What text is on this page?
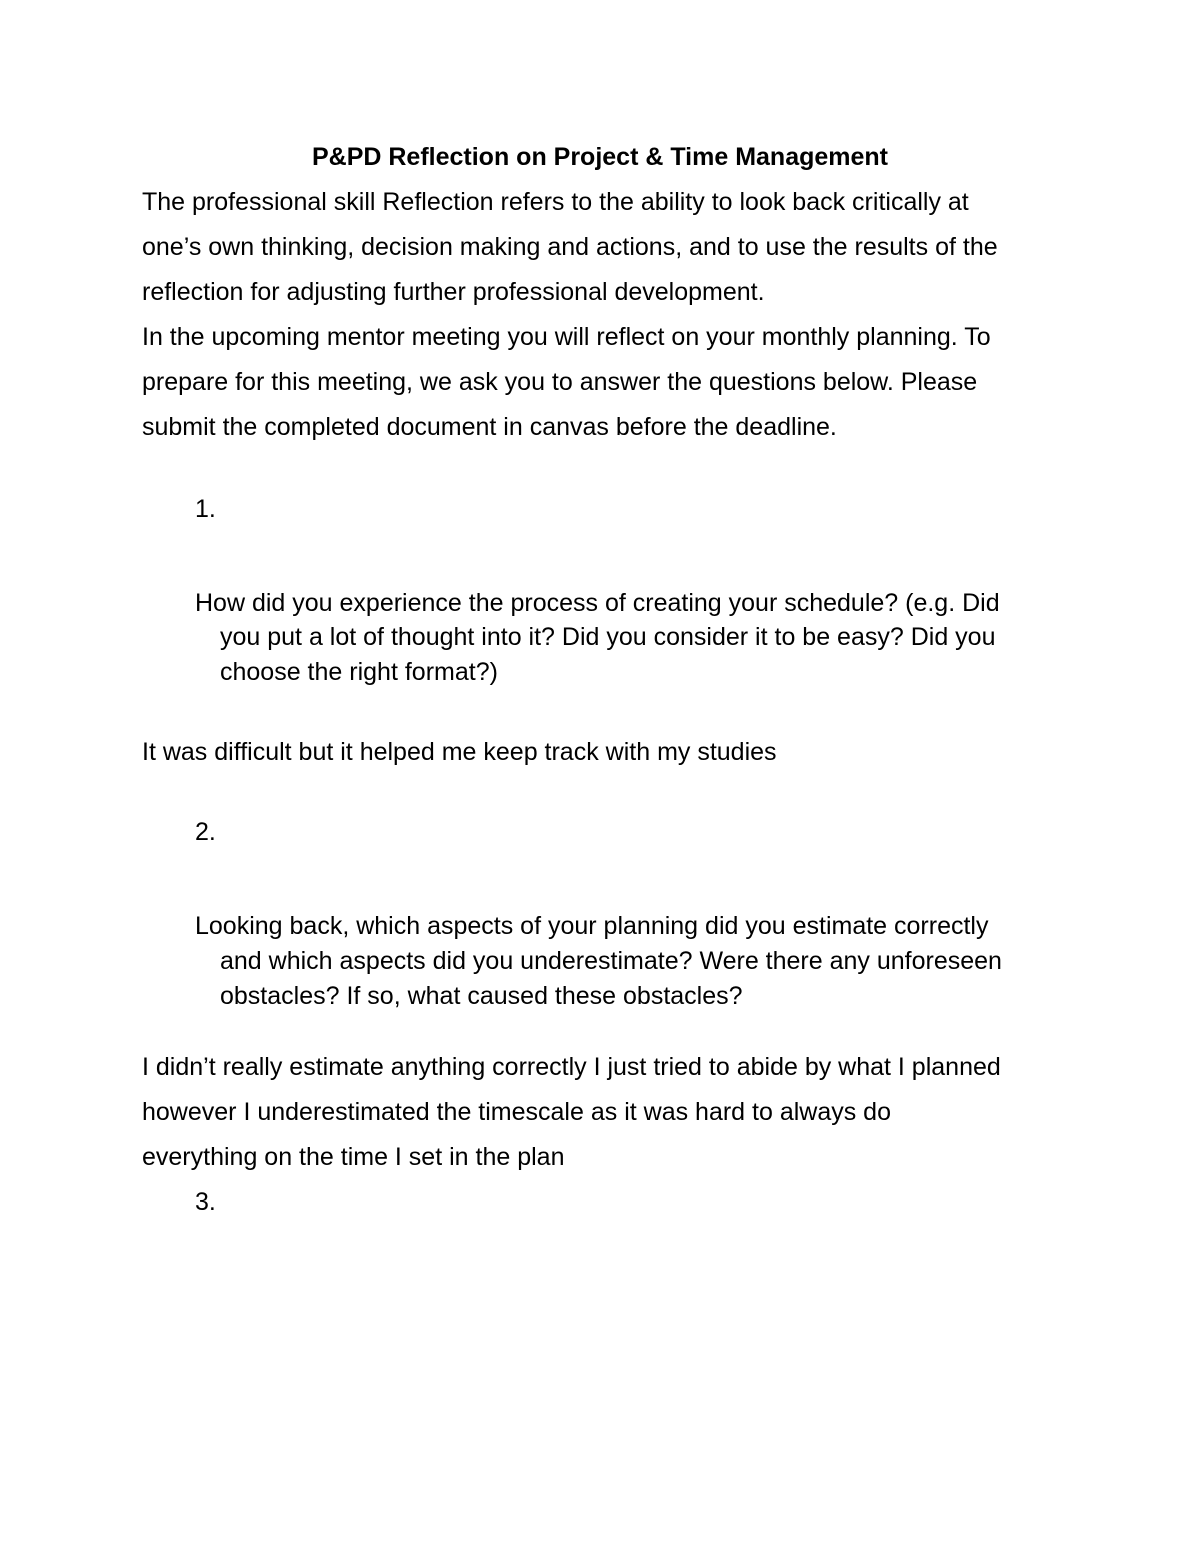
P&PD Reflection on Project & Time Management
The professional skill Reflection refers to the ability to look back critically at
one’s own thinking, decision making and actions, and to use the results of the
reflection for adjusting further professional development.
In the upcoming mentor meeting you will reflect on your monthly planning. To
prepare for this meeting, we ask you to answer the questions below. Please
submit the completed document in canvas before the deadline.
1.
How did you experience the process of creating your schedule? (e.g. Did
you put a lot of thought into it? Did you consider it to be easy? Did you
choose the right format?)
It was difficult but it helped me keep track with my studies
2.
Looking back, which aspects of your planning did you estimate correctly
and which aspects did you underestimate? Were there any unforeseen
obstacles? If so, what caused these obstacles?
I didn’t really estimate anything correctly I just tried to abide by what I planned
however I underestimated the timescale as it was hard to always do
everything on the time I set in the plan
3.
